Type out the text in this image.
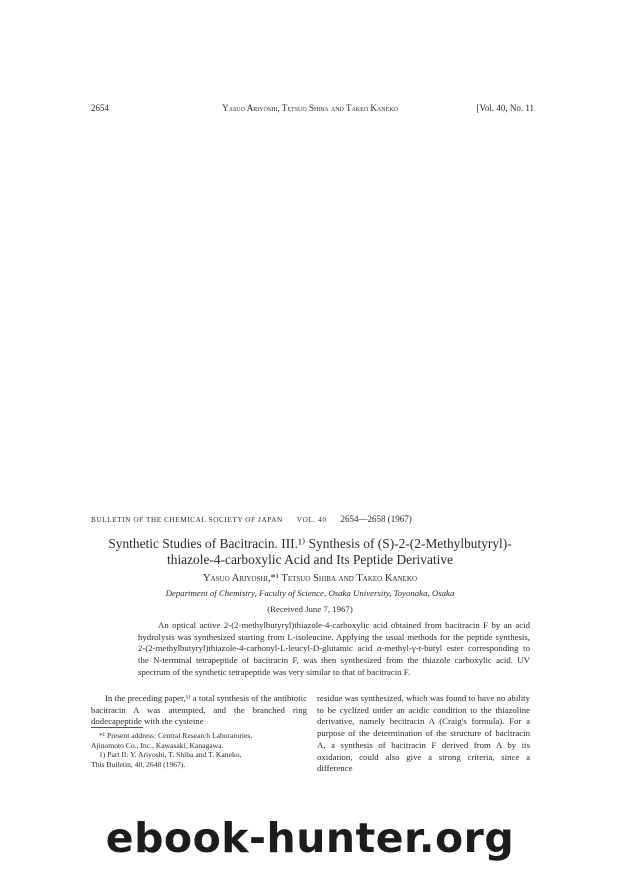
2654	Yasuo Ariyoshi, Tetsuo Shiba and Takeo Kaneko	[Vol. 40, No. 11
BULLETIN OF THE CHEMICAL SOCIETY OF JAPAN VOL. 40 2654—2658 (1967)
Synthetic Studies of Bacitracin. III.¹⁾ Synthesis of (S)-2-(2-Methylbutyryl)-
thiazole-4-carboxylic Acid and Its Peptide Derivative
Yasuo Ariyoshi,*¹ Tetsuo Shiba and Takeo Kaneko
Department of Chemistry, Faculty of Science, Osaka University, Toyonaka, Osaka
(Received June 7, 1967)

An optical active 2-(2-methylbutyryl)thiazole-4-carboxylic acid obtained from bacitracin F by an acid hydrolysis was synthesized starting from L-isoleucine. Applying the usual methods for the peptide synthesis, 2-(2-methylbutyryl)thiazole-4-carbonyl-L-leucyl-D-glutamic acid α-methyl-γ-t-butyl ester corresponding to the N-terminal tetrapeptide of bacitracin F, was then synthesized from the thiazole carboxylic acid. UV spectrum of the synthetic tetrapeptide was very similar to that of bacitracin F.

In the preceding paper,¹⁾ a total synthesis of the antibiotic bacitracin A was attempted, and the branched ring dodecapeptide with the cysteine

residue was synthesized, which was found to have no ability to be cyclized under an acidic condition to the thiazoline derivative, namely becitracin A (Craig's formula). For a purpose of the determination of the structure of bacitracin A, a synthesis of bacitracin F derived from A by its oxidation, could also give a strong criteria, since a difference

*¹ Present address: Central Research Laboratories,

Ajinomoto Co., Inc., Kawasaki, Kanagawa.

1) Part II: Y. Ariyoshi, T. Shiba and T. Kaneko,

This Bulletin, 40, 2648 (1967).

ebook-hunter.org
